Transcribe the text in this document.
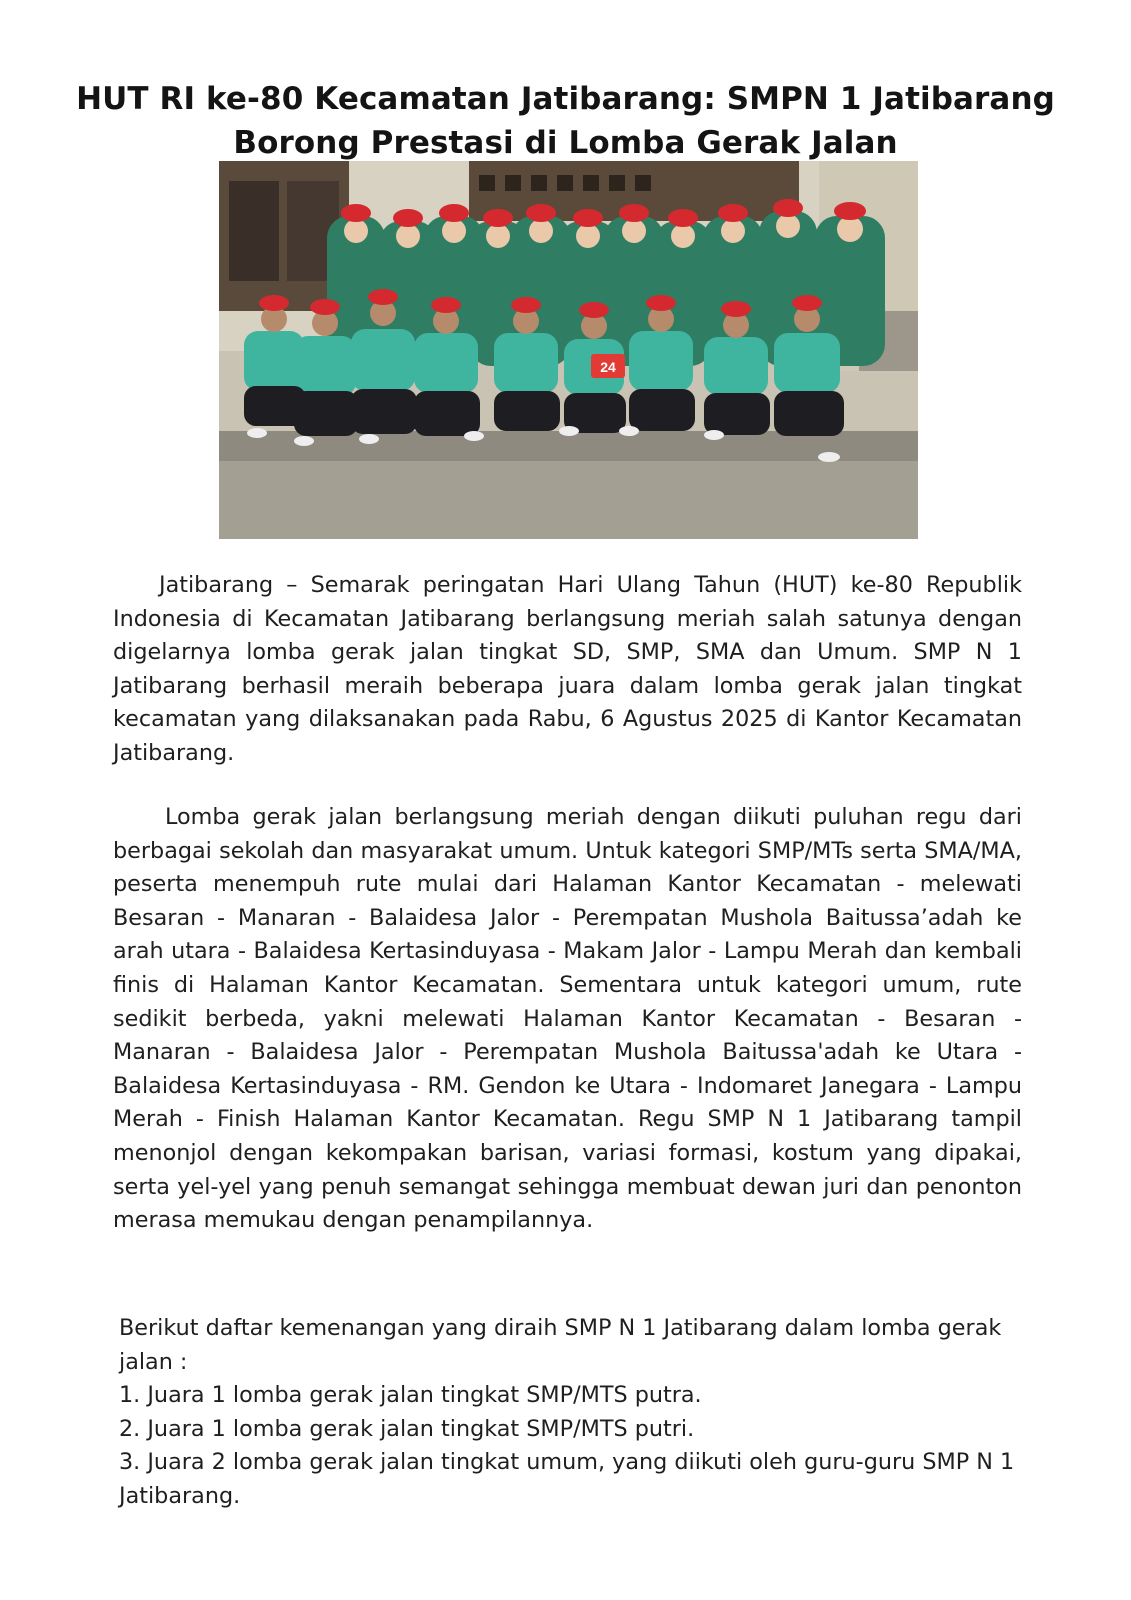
HUT RI ke-80 Kecamatan Jatibarang: SMPN 1 Jatibarang
Borong Prestasi di Lomba Gerak Jalan
24

Jatibarang – Semarak peringatan Hari Ulang Tahun (HUT) ke-80 Republik Indonesia di Kecamatan Jatibarang berlangsung meriah salah satunya dengan digelarnya lomba gerak jalan tingkat SD, SMP, SMA dan Umum. SMP N 1 Jatibarang berhasil meraih beberapa juara dalam lomba gerak jalan tingkat kecamatan yang dilaksanakan pada Rabu, 6 Agustus 2025 di Kantor Kecamatan Jatibarang.

Lomba gerak jalan berlangsung meriah dengan diikuti puluhan regu dari berbagai sekolah dan masyarakat umum. Untuk kategori SMP/MTs serta SMA/MA, peserta menempuh rute mulai dari Halaman Kantor Kecamatan - melewati Besaran - Manaran - Balaidesa Jalor - Perempatan Mushola Baitussa’adah ke arah utara - Balaidesa Kertasinduyasa - Makam Jalor - Lampu Merah dan kembali finis di Halaman Kantor Kecamatan. Sementara untuk kategori umum, rute sedikit berbeda, yakni melewati Halaman Kantor Kecamatan - Besaran - Manaran - Balaidesa Jalor - Perempatan Mushola Baitussa'adah ke Utara - Balaidesa Kertasinduyasa - RM. Gendon ke Utara - Indomaret Janegara - Lampu Merah - Finish Halaman Kantor Kecamatan. Regu SMP N 1 Jatibarang tampil menonjol dengan kekompakan barisan, variasi formasi, kostum yang dipakai, serta yel-yel yang penuh semangat sehingga membuat dewan juri dan penonton merasa memukau dengan penampilannya.

Berikut daftar kemenangan yang diraih SMP N 1 Jatibarang dalam lomba gerak jalan :

1. Juara 1 lomba gerak jalan tingkat SMP/MTS putra.
2. Juara 1 lomba gerak jalan tingkat SMP/MTS putri.
3. Juara 2 lomba gerak jalan tingkat umum, yang diikuti oleh guru-guru SMP N 1 Jatibarang.
